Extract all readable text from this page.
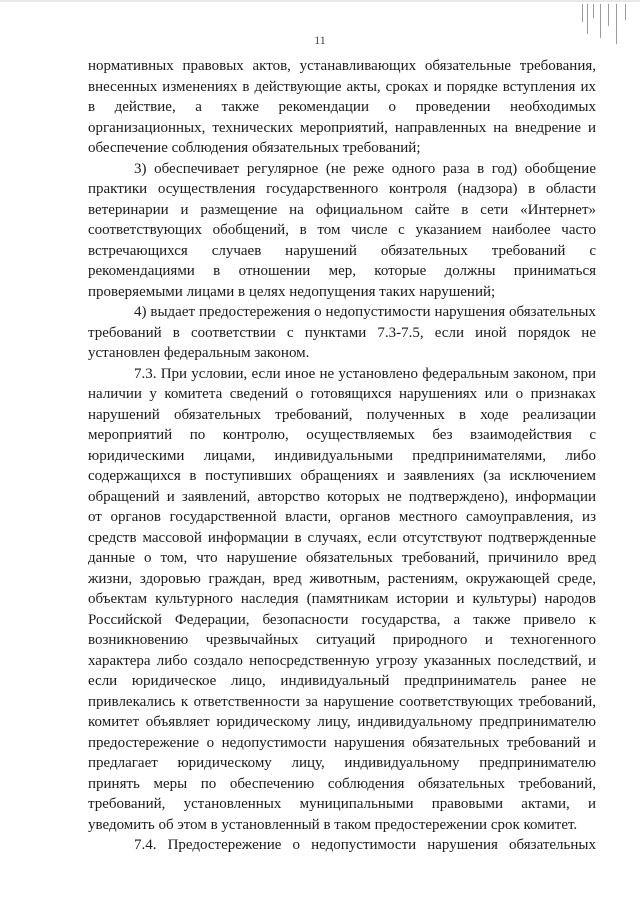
11
нормативных правовых актов, устанавливающих обязательные требования,
внесенных изменениях в действующие акты, сроках и порядке вступления их
в действие, а также рекомендации о проведении необходимых
организационных, технических мероприятий, направленных на внедрение и
обеспечение соблюдения обязательных требований;
3) обеспечивает регулярное (не реже одного раза в год) обобщение
практики осуществления государственного контроля (надзора) в области
ветеринарии и размещение на официальном сайте в сети «Интернет»
соответствующих обобщений, в том числе с указанием наиболее часто
встречающихся случаев нарушений обязательных требований с
рекомендациями в отношении мер, которые должны приниматься
проверяемыми лицами в целях недопущения таких нарушений;
4) выдает предостережения о недопустимости нарушения обязательных
требований в соответствии с пунктами 7.3-7.5, если иной порядок не
установлен федеральным законом.
7.3. При условии, если иное не установлено федеральным законом, при
наличии у комитета сведений о готовящихся нарушениях или о признаках
нарушений обязательных требований, полученных в ходе реализации
мероприятий по контролю, осуществляемых без взаимодействия с
юридическими лицами, индивидуальными предпринимателями, либо
содержащихся в поступивших обращениях и заявлениях (за исключением
обращений и заявлений, авторство которых не подтверждено), информации
от органов государственной власти, органов местного самоуправления, из
средств массовой информации в случаях, если отсутствуют подтвержденные
данные о том, что нарушение обязательных требований, причинило вред
жизни, здоровью граждан, вред животным, растениям, окружающей среде,
объектам культурного наследия (памятникам истории и культуры) народов
Российской Федерации, безопасности государства, а также привело к
возникновению чрезвычайных ситуаций природного и техногенного
характера либо создало непосредственную угрозу указанных последствий, и
если юридическое лицо, индивидуальный предприниматель ранее не
привлекались к ответственности за нарушение соответствующих требований,
комитет объявляет юридическому лицу, индивидуальному предпринимателю
предостережение о недопустимости нарушения обязательных требований и
предлагает юридическому лицу, индивидуальному предпринимателю
принять меры по обеспечению соблюдения обязательных требований,
требований, установленных муниципальными правовыми актами, и
уведомить об этом в установленный в таком предостережении срок комитет.
7.4. Предостережение о недопустимости нарушения обязательных
